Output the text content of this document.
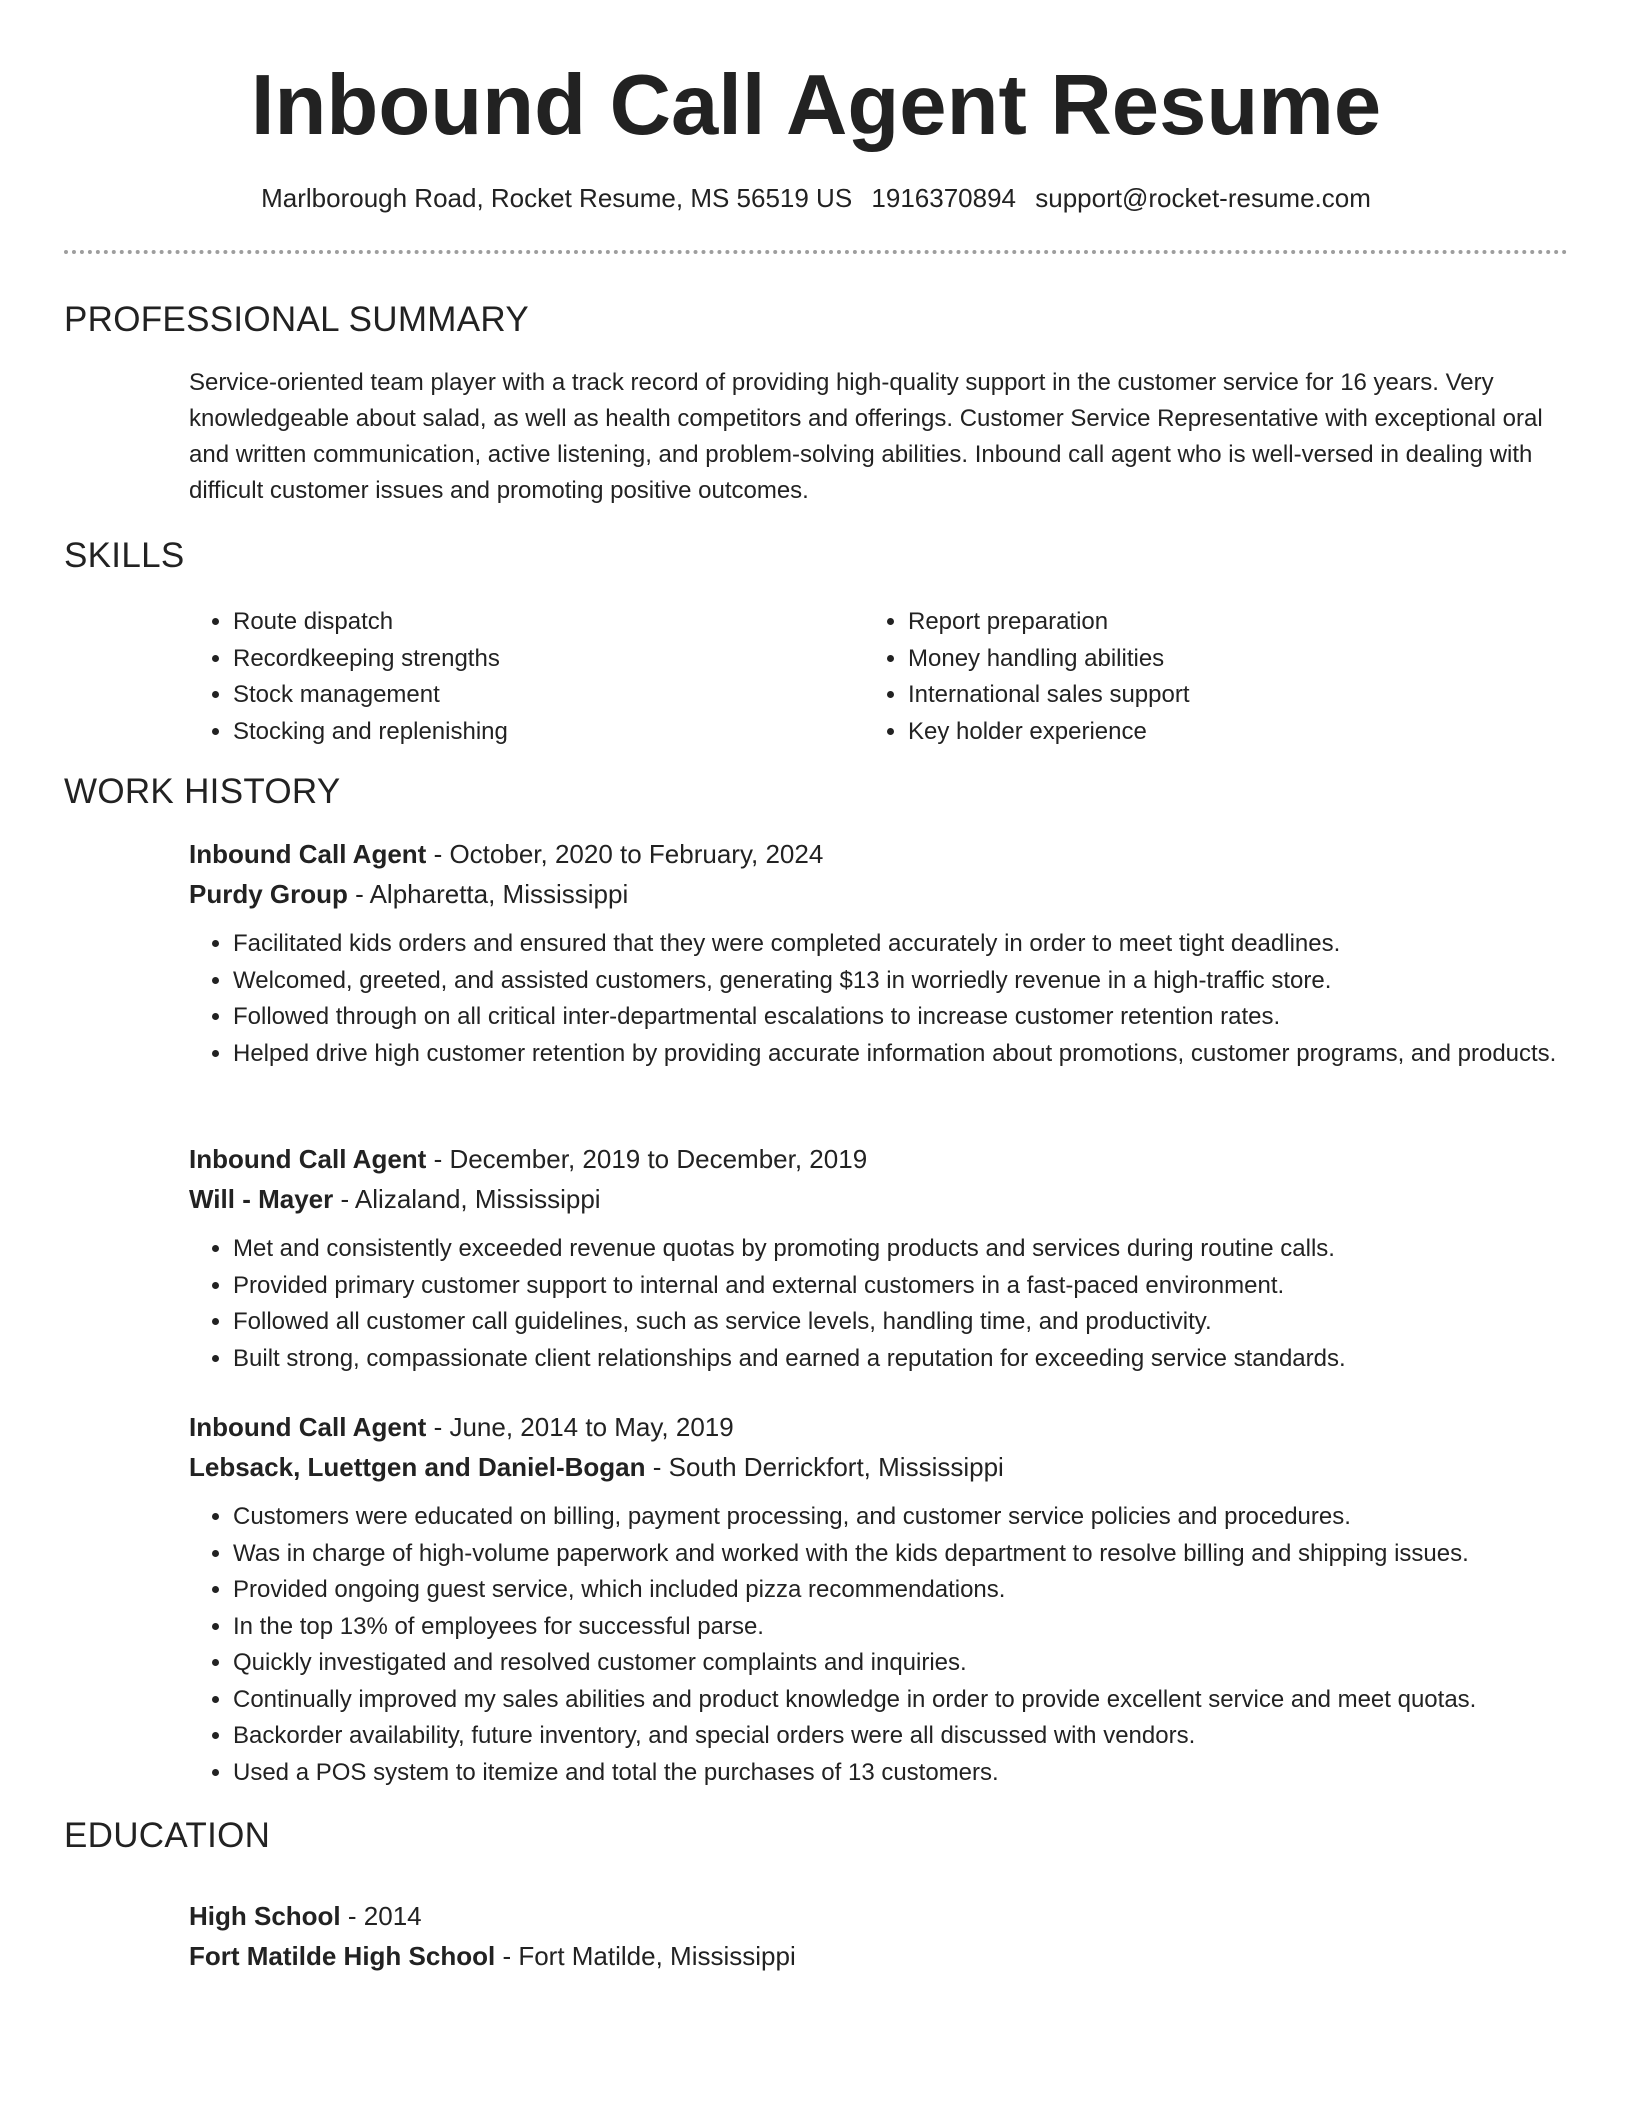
Inbound Call Agent Resume
Marlborough Road, Rocket Resume, MS 56519 US 1916370894 support@rocket-resume.com
PROFESSIONAL SUMMARY

Service-oriented team player with a track record of providing high-quality support in the customer service for 16 years. Very knowledgeable about salad, as well as health competitors and offerings. Customer Service Representative with exceptional oral and written communication, active listening, and problem-solving abilities. Inbound call agent who is well-versed in dealing with difficult customer issues and promoting positive outcomes.

SKILLS
• Route dispatch
• Recordkeeping strengths
• Stock management
• Stocking and replenishing
• Report preparation
• Money handling abilities
• International sales support
• Key holder experience
WORK HISTORY
Inbound Call Agent - October, 2020 to February, 2024
Purdy Group - Alpharetta, Mississippi
• Facilitated kids orders and ensured that they were completed accurately in order to meet tight deadlines.
• Welcomed, greeted, and assisted customers, generating $13 in worriedly revenue in a high-traffic store.
• Followed through on all critical inter-departmental escalations to increase customer retention rates.
• Helped drive high customer retention by providing accurate information about promotions, customer programs, and products.
Inbound Call Agent - December, 2019 to December, 2019
Will - Mayer - Alizaland, Mississippi
• Met and consistently exceeded revenue quotas by promoting products and services during routine calls.
• Provided primary customer support to internal and external customers in a fast-paced environment.
• Followed all customer call guidelines, such as service levels, handling time, and productivity.
• Built strong, compassionate client relationships and earned a reputation for exceeding service standards.
Inbound Call Agent - June, 2014 to May, 2019
Lebsack, Luettgen and Daniel-Bogan - South Derrickfort, Mississippi
• Customers were educated on billing, payment processing, and customer service policies and procedures.
• Was in charge of high-volume paperwork and worked with the kids department to resolve billing and shipping issues.
• Provided ongoing guest service, which included pizza recommendations.
• In the top 13% of employees for successful parse.
• Quickly investigated and resolved customer complaints and inquiries.
• Continually improved my sales abilities and product knowledge in order to provide excellent service and meet quotas.
• Backorder availability, future inventory, and special orders were all discussed with vendors.
• Used a POS system to itemize and total the purchases of 13 customers.
EDUCATION
High School - 2014
Fort Matilde High School - Fort Matilde, Mississippi
